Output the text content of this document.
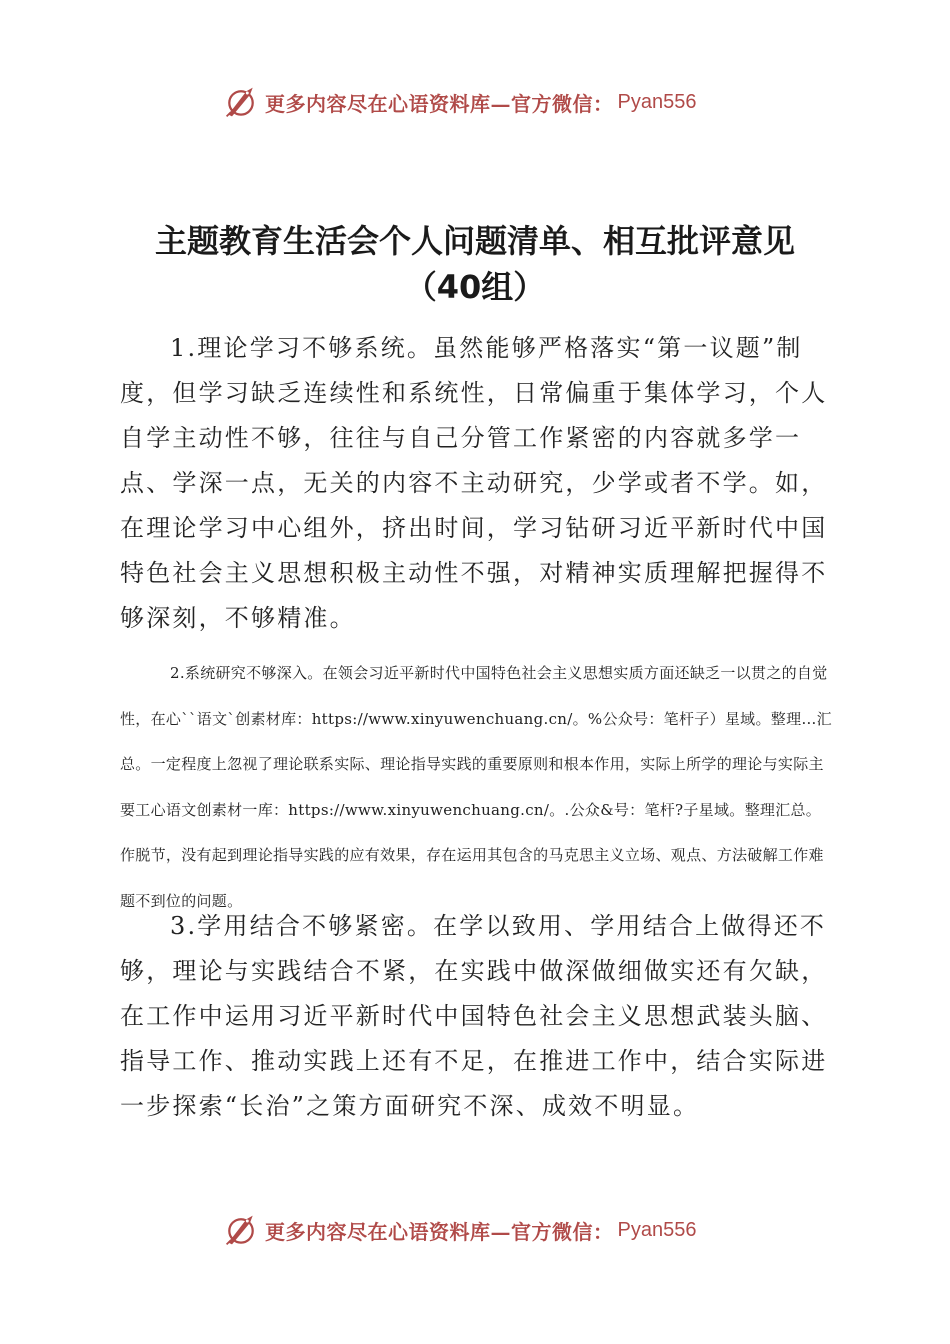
更多内容尽在心语资料库—官方微信： Pyan556
主题教育生活会个人问题清单、相互批评意见
（40组）
1.理论学习不够系统。虽然能够严格落实“第一议题”制度，但学习缺乏连续性和系统性，日常偏重于集体学习，个人自学主动性不够，往往与自己分管工作紧密的内容就多学一点、学深一点，无关的内容不主动研究，少学或者不学。如，在理论学习中心组外，挤出时间，学习钻研习近平新时代中国特色社会主义思想积极主动性不强，对精神实质理解把握得不够深刻，不够精准。
2.系统研究不够深入。在领会习近平新时代中国特色社会主义思想实质方面还缺乏一以贯之的自觉性，在心``语文`创素材库：https://www.xinyuwenchuang.cn/。%公众号：笔杆子）星域。整理…汇总。一定程度上忽视了理论联系实际、理论指导实践的重要原则和根本作用，实际上所学的理论与实际主要工心语文创素材一库：https://www.xinyuwenchuang.cn/。.公众&号：笔杆?子星域。整理汇总。作脱节，没有起到理论指导实践的应有效果，存在运用其包含的马克思主义立场、观点、方法破解工作难题不到位的问题。
3.学用结合不够紧密。在学以致用、学用结合上做得还不够，理论与实践结合不紧，在实践中做深做细做实还有欠缺，在工作中运用习近平新时代中国特色社会主义思想武装头脑、指导工作、推动实践上还有不足，在推进工作中，结合实际进一步探索“长治”之策方面研究不深、成效不明显。
更多内容尽在心语资料库—官方微信： Pyan556
